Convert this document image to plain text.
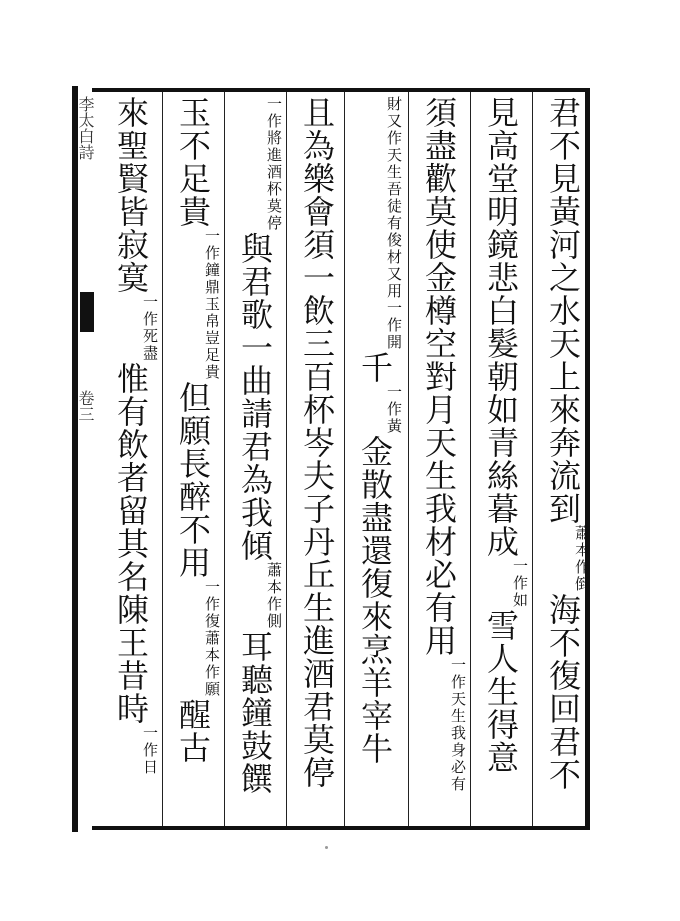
李太白詩
卷三	君不見黃河之水天上來奔流到蕭本作倒海不復回君不
見高堂明鏡悲白髮朝如青絲暮成一作如雪人生得意
須盡歡莫使金樽空對月天生我材必有用一作天生我身必有
財又作天生吾徒有俊材又用一作開千一作黃金散盡還復來烹羊宰牛
且為樂會須一飲三百杯岑夫子丹丘生進酒君莫停
一作將進酒杯莫停與君歌一曲請君為我傾蕭本作側耳聽鐘鼓饌
玉不足貴一作鐘鼎玉帛豈足貴但願長醉不用一作復蕭本作願醒古
來聖賢皆寂寞一作死盡惟有飲者留其名陳王昔時一作日
